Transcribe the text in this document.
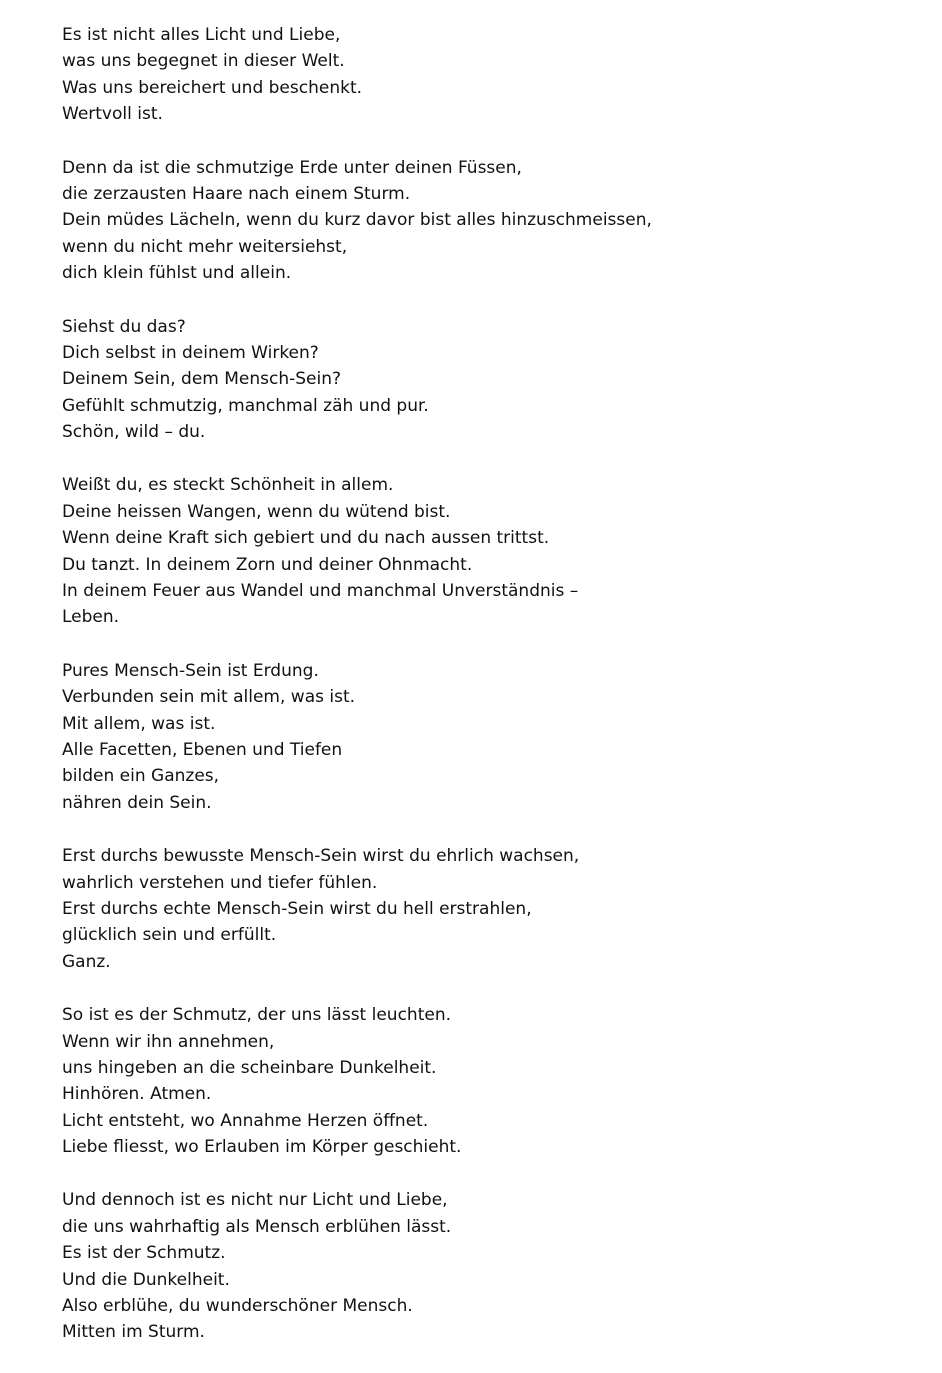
Es ist nicht alles Licht und Liebe,
was uns begegnet in dieser Welt.
Was uns bereichert und beschenkt.
Wertvoll ist.
Denn da ist die schmutzige Erde unter deinen Füssen,
die zerzausten Haare nach einem Sturm.
Dein müdes Lächeln, wenn du kurz davor bist alles hinzuschmeissen,
wenn du nicht mehr weitersiehst,
dich klein fühlst und allein.
Siehst du das?
Dich selbst in deinem Wirken?
Deinem Sein, dem Mensch-Sein?
Gefühlt schmutzig, manchmal zäh und pur.
Schön, wild – du.
Weißt du, es steckt Schönheit in allem.
Deine heissen Wangen, wenn du wütend bist.
Wenn deine Kraft sich gebiert und du nach aussen trittst.
Du tanzt. In deinem Zorn und deiner Ohnmacht.
In deinem Feuer aus Wandel und manchmal Unverständnis –
Leben.
Pures Mensch-Sein ist Erdung.
Verbunden sein mit allem, was ist.
Mit allem, was ist.
Alle Facetten, Ebenen und Tiefen
bilden ein Ganzes,
nähren dein Sein.
Erst durchs bewusste Mensch-Sein wirst du ehrlich wachsen,
wahrlich verstehen und tiefer fühlen.
Erst durchs echte Mensch-Sein wirst du hell erstrahlen,
glücklich sein und erfüllt.
Ganz.
So ist es der Schmutz, der uns lässt leuchten.
Wenn wir ihn annehmen,
uns hingeben an die scheinbare Dunkelheit.
Hinhören. Atmen.
Licht entsteht, wo Annahme Herzen öffnet.
Liebe fliesst, wo Erlauben im Körper geschieht.
Und dennoch ist es nicht nur Licht und Liebe,
die uns wahrhaftig als Mensch erblühen lässt.
Es ist der Schmutz.
Und die Dunkelheit.
Also erblühe, du wunderschöner Mensch.
Mitten im Sturm.
